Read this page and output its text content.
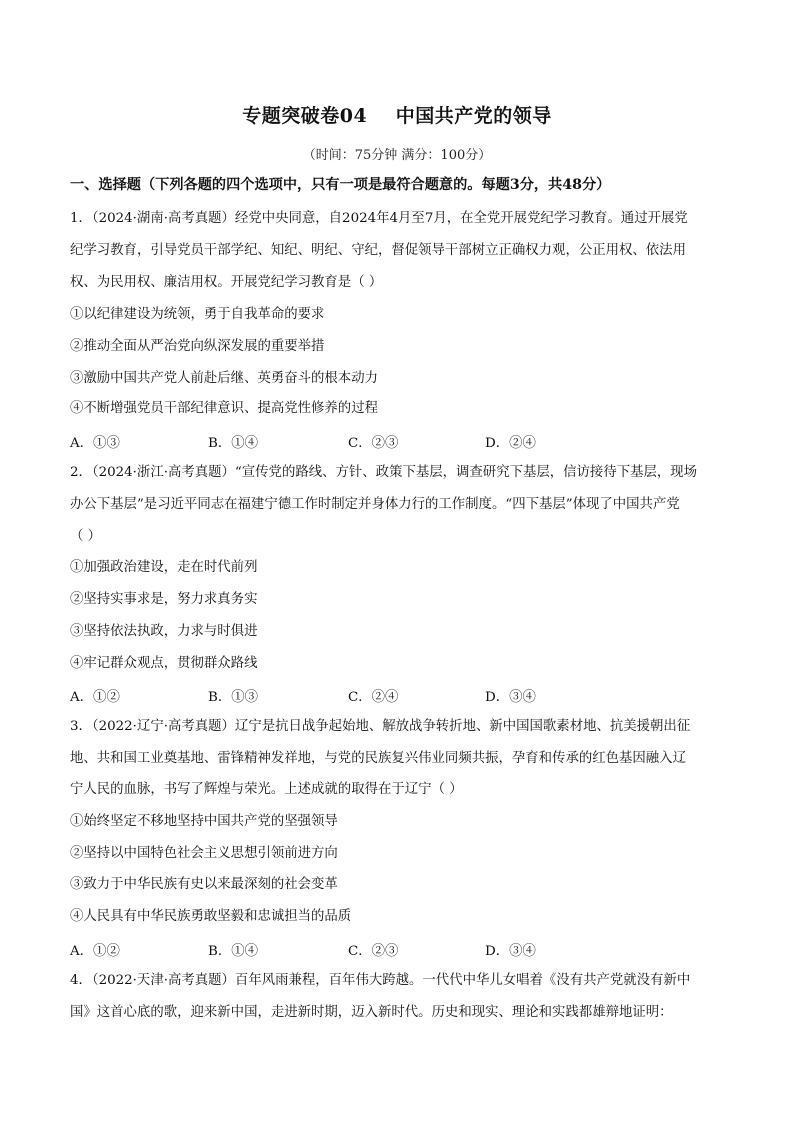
专题突破卷04    中国共产党的领导
（时间：75分钟 满分：100分）
一、选择题（下列各题的四个选项中，只有一项是最符合题意的。每题3分，共48分）
1．（2024·湖南·高考真题）经党中央同意，自2024年4月至7月，在全党开展党纪学习教育。通过开展党
纪学习教育，引导党员干部学纪、知纪、明纪、守纪，督促领导干部树立正确权力观，公正用权、依法用
权、为民用权、廉洁用权。开展党纪学习教育是（ ）
①以纪律建设为统领，勇于自我革命的要求
②推动全面从严治党向纵深发展的重要举措
③激励中国共产党人前赴后继、英勇奋斗的根本动力
④不断增强党员干部纪律意识、提高党性修养的过程
A．①③	B．①④	C．②③	D．②④
2．（2024·浙江·高考真题）“宣传党的路线、方针、政策下基层，调查研究下基层，信访接待下基层，现场
办公下基层”是习近平同志在福建宁德工作时制定并身体力行的工作制度。“四下基层”体现了中国共产党
（ ）
①加强政治建设，走在时代前列
②坚持实事求是，努力求真务实
③坚持依法执政，力求与时俱进
④牢记群众观点，贯彻群众路线
A．①②	B．①③	C．②④	D．③④
3．（2022·辽宁·高考真题）辽宁是抗日战争起始地、解放战争转折地、新中国国歌素材地、抗美援朝出征
地、共和国工业奠基地、雷锋精神发祥地，与党的民族复兴伟业同频共振，孕育和传承的红色基因融入辽
宁人民的血脉，书写了辉煌与荣光。上述成就的取得在于辽宁（ ）
①始终坚定不移地坚持中国共产党的坚强领导
②坚持以中国特色社会主义思想引领前进方向
③致力于中华民族有史以来最深刻的社会变革
④人民具有中华民族勇敢坚毅和忠诚担当的品质
A．①②	B．①④	C．②③	D．③④
4．（2022·天津·高考真题）百年风雨兼程，百年伟大跨越。一代代中华儿女唱着《没有共产党就没有新中
国》这首心底的歌，迎来新中国，走进新时期，迈入新时代。历史和现实、理论和实践都雄辩地证明：
